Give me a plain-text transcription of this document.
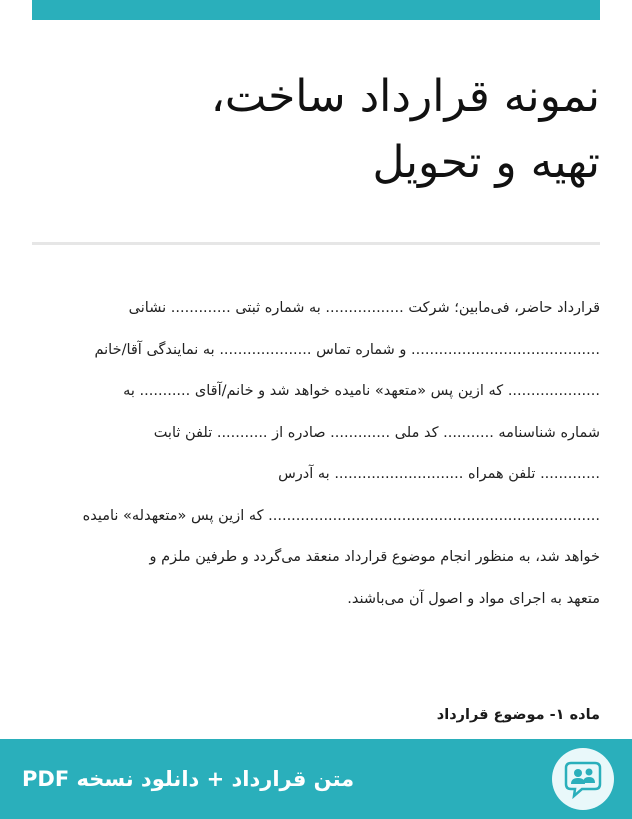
نمونه قرارداد ساخت،
تهیه و تحویل
قرارداد حاضر، فی‌مابین؛ شرکت ................. به شماره ثبتی ............. نشانی
......................................... و شماره تماس .................... به نمایندگی آقا/خانم
.................... که ازین پس «متعهد» نامیده خواهد شد و خانم/آقای ........... به
شماره شناسنامه ........... کد ملی ............. صادره از ........... تلفن ثابت
............. تلفن همراه ............................ به آدرس
........................................................................ که ازین پس «متعهدله» نامیده
خواهد شد، به منظور انجام موضوع قرارداد منعقد می‌گردد و طرفین ملزم و
متعهد به اجرای مواد و اصول آن می‌باشند.
ماده ۱- موضوع قرارداد
متن قرارداد + دانلود نسخه PDF
